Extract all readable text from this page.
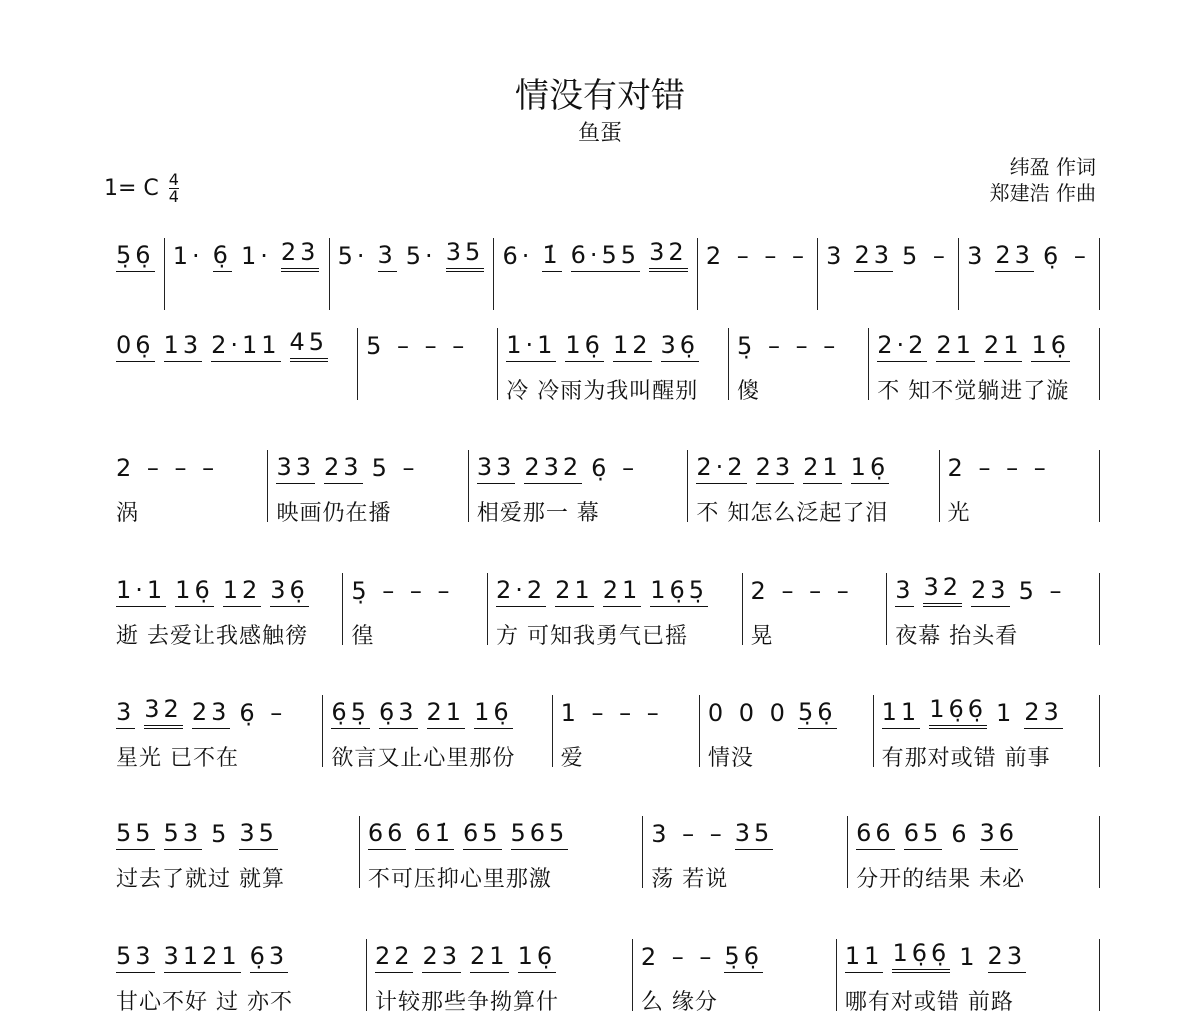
情没有对错
鱼蛋
1= C $\frac{4}{4}$
纬盈 作词
郑建浩 作曲
5̣6̣ 1· 6̣ 1· 23 5· 3 5· 35 6· 1̇ 6·55 32 2 – – – 3 23 5 – 3 23 6̣ –
06̣ 13 2·11 45 5 – – – 1·1 16̣ 12 36̣
冷 冷雨为我叫醒别
5̣ – – –
傻
2·2 21 21 16̣
不 知不觉躺进了漩
2 – – –
涡
33 23 5 –
映画仍在播
33 232 6̣ –
相爱那一 幕
2·2 23 21 16̣
不 知怎么泛起了泪
2 – – –
光
1·1 16̣ 12 36̣
逝 去爱让我感触徬
5̣ – – –
徨
2·2 21 21 16̣5̣
方 可知我勇气已摇
2 – – –
晃
3 32 23 5 –
夜幕 抬头看
3 32 23 6̣ –
星光 已不在
6̣5̣ 6̣3 21 16̣
欲言又止心里那份
1 – – –
爱
0 0 0 5̣6̣
情没
11 16̣6̣ 1 23
有那对或错 前事
55 53 5 35
过去了就过 就算
66 61̇ 65 565
不可压抑心里那激
3 – – 35
荡 若说
66 65 6 36
分开的结果 未必
53 3121 6̣3
甘心不好 过 亦不
22 23 21 16̣
计较那些争拗算什
2 – – 5̣6̣
么 缘分
11 16̣6̣ 1 23
哪有对或错 前路
